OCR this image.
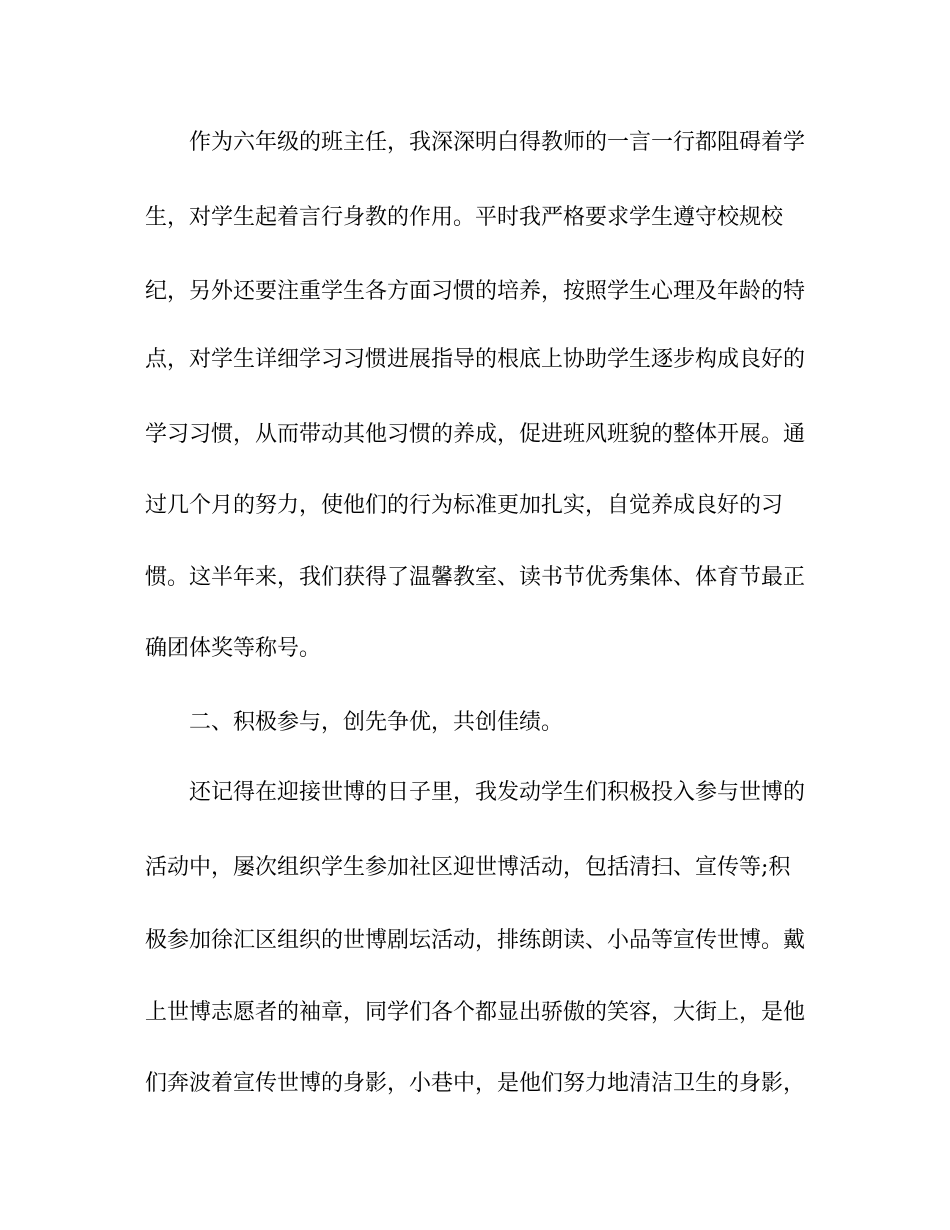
作为六年级的班主任，我深深明白得教师的一言一行都阻碍着学
生，对学生起着言行身教的作用。平时我严格要求学生遵守校规校
纪，另外还要注重学生各方面习惯的培养，按照学生心理及年龄的特
点，对学生详细学习习惯进展指导的根底上协助学生逐步构成良好的
学习习惯，从而带动其他习惯的养成，促进班风班貌的整体开展。通
过几个月的努力，使他们的行为标准更加扎实，自觉养成良好的习
惯。这半年来，我们获得了温馨教室、读书节优秀集体、体育节最正
确团体奖等称号。
二、积极参与，创先争优，共创佳绩。
还记得在迎接世博的日子里，我发动学生们积极投入参与世博的
活动中，屡次组织学生参加社区迎世博活动，包括清扫、宣传等;积
极参加徐汇区组织的世博剧坛活动，排练朗读、小品等宣传世博。戴
上世博志愿者的袖章，同学们各个都显出骄傲的笑容，大街上，是他
们奔波着宣传世博的身影，小巷中，是他们努力地清洁卫生的身影，
